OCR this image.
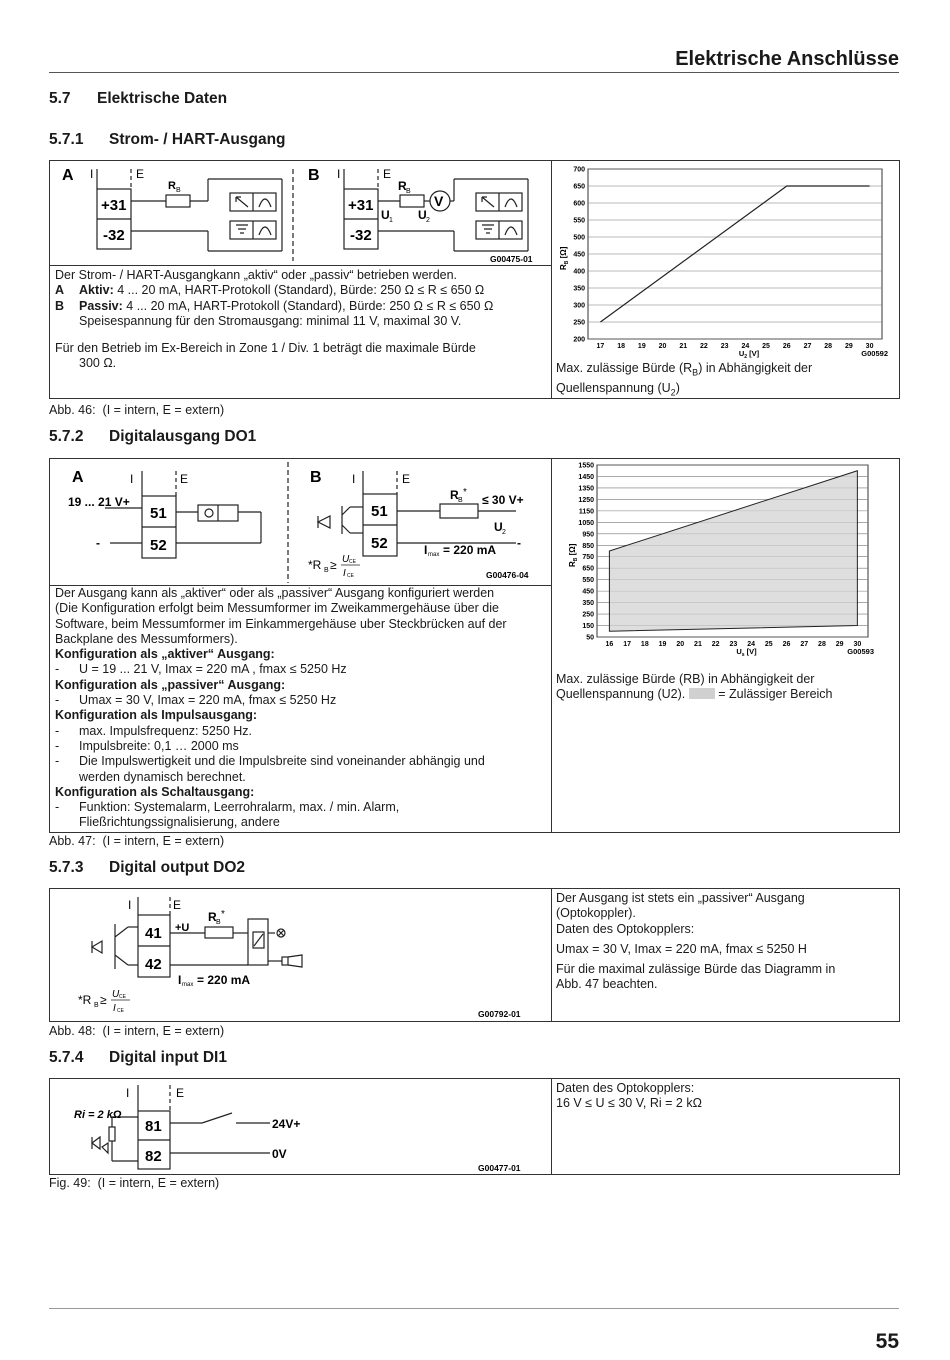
Elektrische Anschlüsse
5.7 Elektrische Daten
5.7.1 Strom- / HART-Ausgang
A I	E
R B
+31
-32
B I	E
R B
+31
-32
V
U 1 U 2
G00475-01

Der Strom- / HART-Ausgangkann „aktiv“ oder „passiv“ betrieben werden.

A Aktiv: 4 ... 20 mA, HART-Protokoll (Standard), Bürde: 250 Ω ≤ R ≤ 650 Ω

B Passiv: 4 ... 20 mA, HART-Protokoll (Standard), Bürde: 250 Ω ≤ R ≤ 650 Ω

Speisespannung für den Stromausgang: minimal 11 V, maximal 30 V.

Für den Betrieb im Ex-Bereich in Zone 1 / Div. 1 beträgt die maximale Bürde

300 Ω.

200
250
300
350
400
450
500
550
600
650
700
17 18 19 20 21 22 23 24 25 26 27 28 29 30
$R_B$ [Ω]
$U_2$ [V]	G00592

Max. zulässige Bürde $(R_B)$ in Abhängigkeit der

Quellenspannung $(U_2)$

Abb. 46: (I = intern, E = extern)
5.7.2 Digitalausgang DO1
A	I	E
19 ... 21 V+
-
51
52
B	I	E
51
52
R B
*
≤ 30 V+
U 2
-
I max = 220 mA
*R B ≥ U CE
I CE	G00476-04

Der Ausgang kann als „aktiver“ oder als „passiver“ Ausgang konfiguriert werden

(Die Konfiguration erfolgt beim Messumformer im Zweikammergehäuse über die

Software, beim Messumformer im Einkammergehäuse uber Steckbrücken auf der

Backplane des Messumformers).

Konfiguration als „aktiver“ Ausgang:

- U = 19 ... 21 V, Imax = 220 mA , fmax ≤ 5250 Hz

Konfiguration als „passiver“ Ausgang:

- Umax = 30 V, Imax = 220 mA, fmax ≤ 5250 Hz

Konfiguration als Impulsausgang:

- max. Impulsfrequenz: 5250 Hz.

- Impulsbreite: 0,1 … 2000 ms

- Die Impulswertigkeit und die Impulsbreite sind voneinander abhängig und

werden dynamisch berechnet.

Konfiguration als Schaltausgang:

- Funktion: Systemalarm, Leerrohralarm, max. / min. Alarm,

Fließrichtungssignalisierung, andere

50
150
250
350
450
550
650
750
850
950
1050
1150
1250
1350
1450
1550
16 17 18 19 20 21 22 23 24 25 26 27 28 29 30
$R_B$ [Ω]
$U_s$ [V]	G00593

Max. zulässige Bürde (RB) in Abhängigkeit der

Quellenspannung (U2).	= Zulässiger Bereich

Abb. 47: (I = intern, E = extern)
5.7.3 Digital output DO2
I	E
41
42
+U
R B
*
I max = 220 mA
*R B ≥ U CE
I CE	G00792-01

Der Ausgang ist stets ein „passiver“ Ausgang

(Optokoppler).

Daten des Optokopplers:

Umax = 30 V, Imax = 220 mA, fmax ≤ 5250 H

Für die maximal zulässige Bürde das Diagramm in

Abb. 47 beachten.

Abb. 48: (I = intern, E = extern)
5.7.4 Digital input DI1
I	E
Ri = 2 kΩ
81
82
24V+
0V
G00477-01

Daten des Optokopplers:

16 V ≤ U ≤ 30 V, Ri = 2 kΩ

Fig. 49: (I = intern, E = extern)
55
